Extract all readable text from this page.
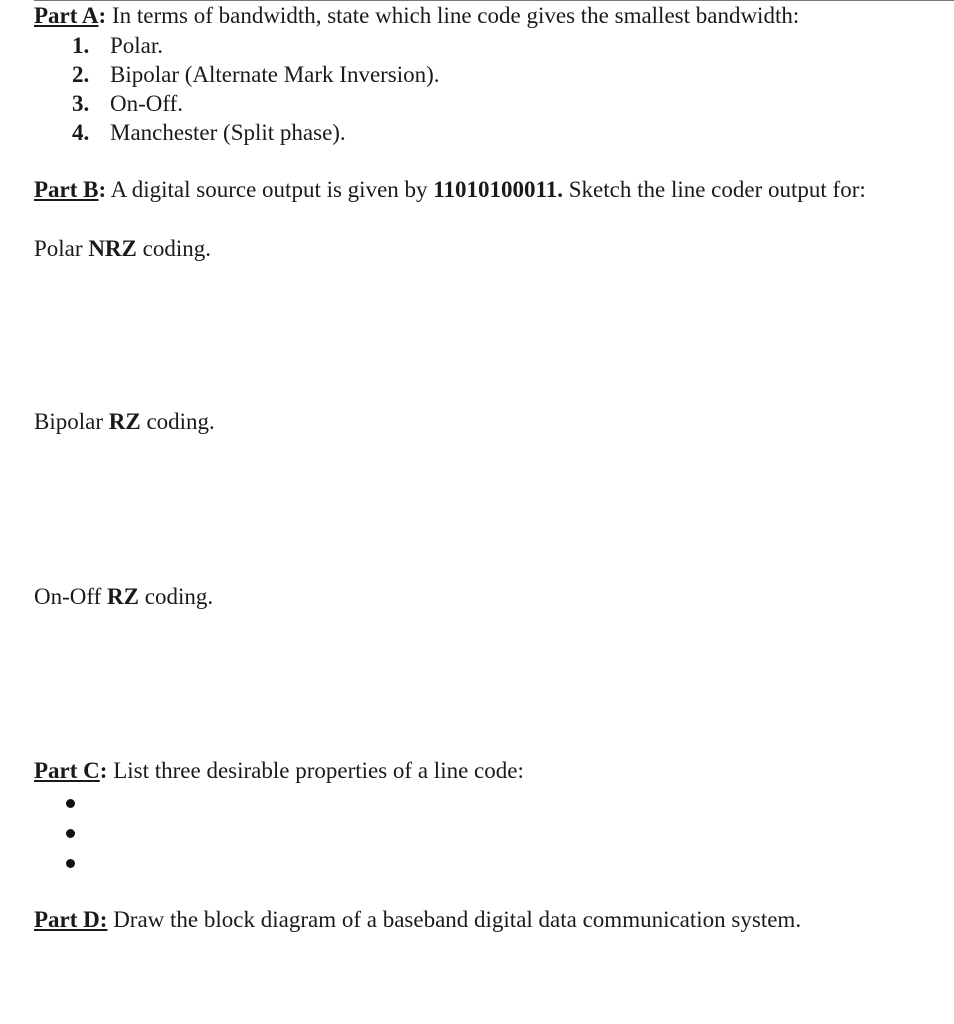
Part A: In terms of bandwidth, state which line code gives the smallest bandwidth:
1. Polar.
2. Bipolar (Alternate Mark Inversion).
3. On-Off.
4. Manchester (Split phase).
Part B: A digital source output is given by 11010100011. Sketch the line coder output for:
Polar NRZ coding.
Bipolar RZ coding.
On-Off RZ coding.
Part C: List three desirable properties of a line code:
Part D: Draw the block diagram of a baseband digital data communication system.
